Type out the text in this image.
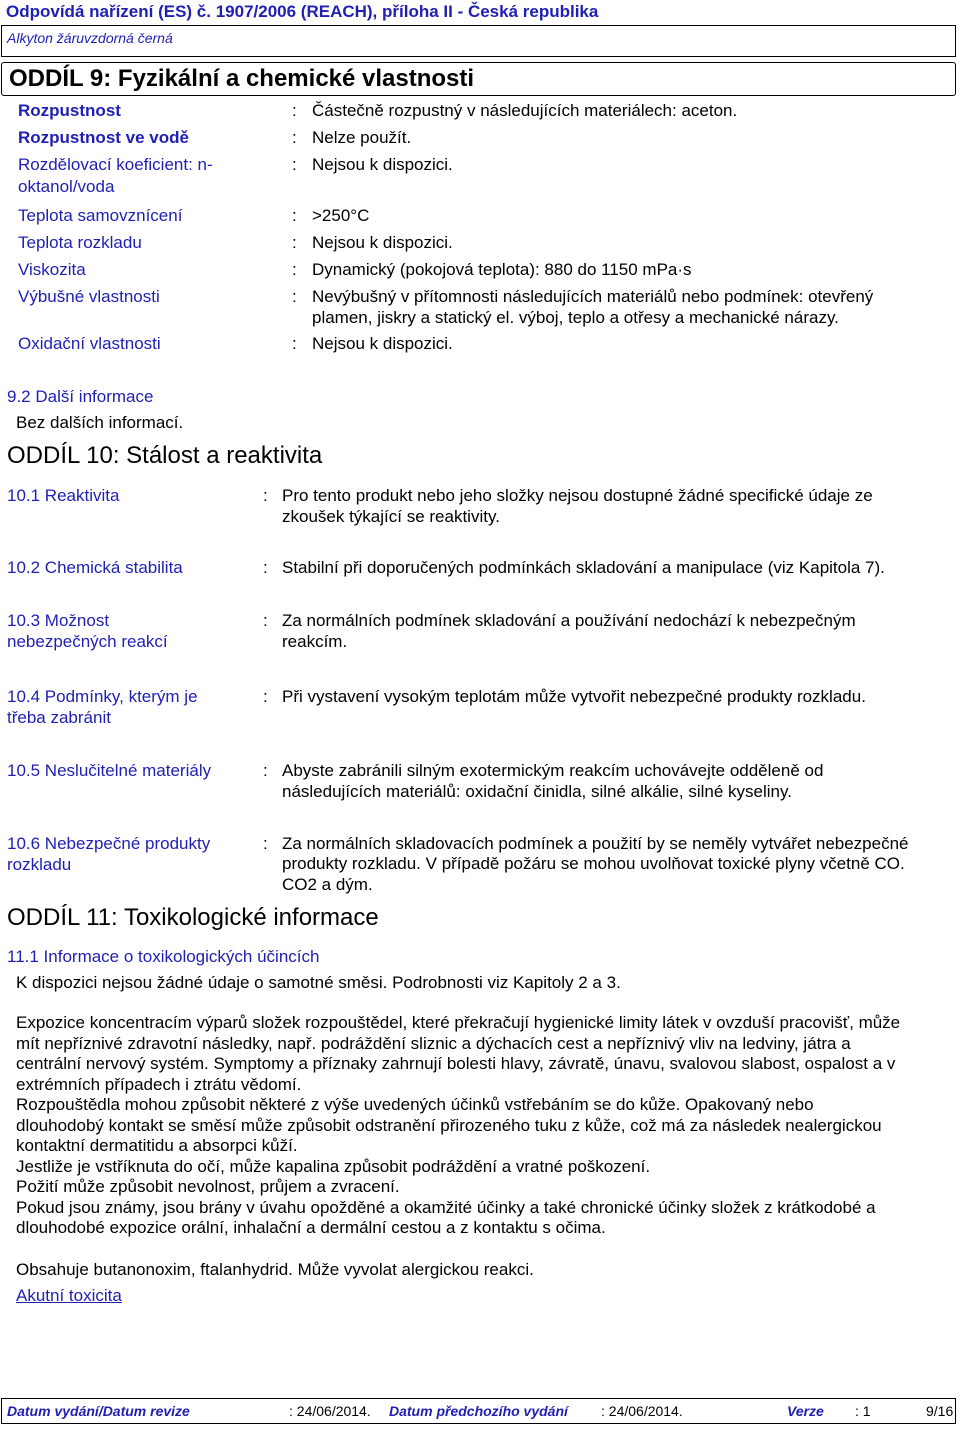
Odpovídá nařízení (ES) č. 1907/2006 (REACH), příloha II - Česká republika
Alkyton žáruvzdorná černá
ODDÍL 9: Fyzikální a chemické vlastnosti
Rozpustnost	: Částečně rozpustný v následujících materiálech: aceton.
Rozpustnost ve vodě	: Nelze použít.
Rozdělovací koeficient: n-
oktanol/voda
: Nejsou k dispozici.
Teplota samovznícení	: >250°C
Teplota rozkladu	: Nejsou k dispozici.
Viskozita	: Dynamický (pokojová teplota): 880 do 1150 mPa·s
Výbušné vlastnosti	: Nevýbušný v přítomnosti následujících materiálů nebo podmínek: otevřený
plamen, jiskry a statický el. výboj, teplo a otřesy a mechanické nárazy.
Oxidační vlastnosti	: Nejsou k dispozici.
9.2 Další informace
Bez dalších informací.
ODDÍL 10: Stálost a reaktivita
10.1 Reaktivita	: Pro tento produkt nebo jeho složky nejsou dostupné žádné specifické údaje ze
zkoušek týkající se reaktivity.
10.2 Chemická stabilita	: Stabilní při doporučených podmínkách skladování a manipulace (viz Kapitola 7).
10.3 Možnost
nebezpečných reakcí
: Za normálních podmínek skladování a používání nedochází k nebezpečným
reakcím.
10.4 Podmínky, kterým je
třeba zabránit
: Při vystavení vysokým teplotám může vytvořit nebezpečné produkty rozkladu.
10.5 Neslučitelné materiály	: Abyste zabránili silným exotermickým reakcím uchovávejte odděleně od
následujících materiálů: oxidační činidla, silné alkálie, silné kyseliny.
10.6 Nebezpečné produkty
rozkladu
: Za normálních skladovacích podmínek a použití by se neměly vytvářet nebezpečné
produkty rozkladu. V případě požáru se mohou uvolňovat toxické plyny včetně CO.
CO2 a dým.
ODDÍL 11: Toxikologické informace
11.1 Informace o toxikologických účincích
K dispozici nejsou žádné údaje o samotné směsi. Podrobnosti viz Kapitoly 2 a 3.
Expozice koncentracím výparů složek rozpouštědel, které překračují hygienické limity látek v ovzduší pracovišť, může
mít nepříznivé zdravotní následky, např. podráždění sliznic a dýchacích cest a nepříznivý vliv na ledviny, játra a
centrální nervový systém. Symptomy a příznaky zahrnují bolesti hlavy, závratě, únavu, svalovou slabost, ospalost a v
extrémních případech i ztrátu vědomí.
Rozpouštědla mohou způsobit některé z výše uvedených účinků vstřebáním se do kůže. Opakovaný nebo
dlouhodobý kontakt se směsí může způsobit odstranění přirozeného tuku z kůže, což má za následek nealergickou
kontaktní dermatitidu a absorpci kůží.
Jestliže je vstříknuta do očí, může kapalina způsobit podráždění a vratné poškození.
Požití může způsobit nevolnost, průjem a zvracení.
Pokud jsou známy, jsou brány v úvahu opožděné a okamžité účinky a také chronické účinky složek z krátkodobé a
dlouhodobé expozice orální, inhalační a dermální cestou a z kontaktu s očima.
Obsahuje butanonoxim, ftalanhydrid. Může vyvolat alergickou reakci.
Akutní toxicita
Datum vydání/Datum revize	: 24/06/2014. Datum předchozího vydání : 24/06/2014.	Verze : 1	9/16
